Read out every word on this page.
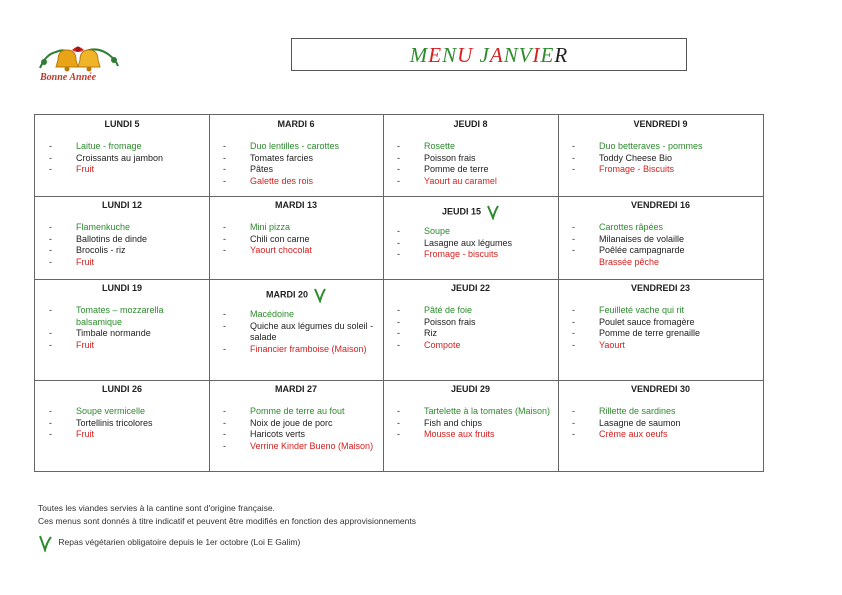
Bonne Année
MENU JANVIER
LUNDI 5
-	Laitue - fromage
-	Croissants au jambon
-	Fruit
MARDI 6
-	Duo lentilles - carottes
-	Tomates farcies
-	Pâtes
-	Galette des rois
JEUDI 8
-	Rosette
-	Poisson frais
-	Pomme de terre
-	Yaourt au caramel
VENDREDI 9
-	Duo betteraves - pommes
-	Toddy Cheese Bio
-	Fromage - Biscuits
LUNDI 12
-	Flamenkuche
-	Ballotins de dinde
-	Brocolis - riz
-	Fruit
MARDI 13
-	Mini pizza
-	Chili con carne
-	Yaourt chocolat
JEUDI 15
-	Soupe
-	Lasagne aux légumes
-	Fromage - biscuits
VENDREDI 16
-	Carottes râpées
-	Milanaises de volaille
-	Poêlée campagnarde
Brassée pêche
LUNDI 19
-	Tomates – mozzarella balsamique
-	Timbale normande
-	Fruit
MARDI 20
-	Macédoine
-	Quiche aux légumes du soleil - salade
-	Financier framboise (Maison)
JEUDI 22
-	Pâté de foie
-	Poisson frais
-	Riz
-	Compote
VENDREDI 23
-	Feuilleté vache qui rit
-	Poulet sauce fromagère
-	Pomme de terre grenaille
-	Yaourt
LUNDI 26
-	Soupe vermicelle
-	Tortellinis tricolores
-	Fruit
MARDI 27
-	Pomme de terre au fout
-	Noix de joue de porc
-	Haricots verts
-	Verrine Kinder Bueno (Maison)
JEUDI 29
-	Tartelette à la tomates (Maison)
-	Fish and chips
-	Mousse aux fruits
VENDREDI 30
-	Rillette de sardines
-	Lasagne de saumon
-	Crème aux oeufs
Toutes les viandes servies à la cantine sont d'origine française.
Ces menus sont donnés à titre indicatif et peuvent être modifiés en fonction des approvisionnements
Repas végétarien obligatoire depuis le 1er octobre (Loi E Galim)
